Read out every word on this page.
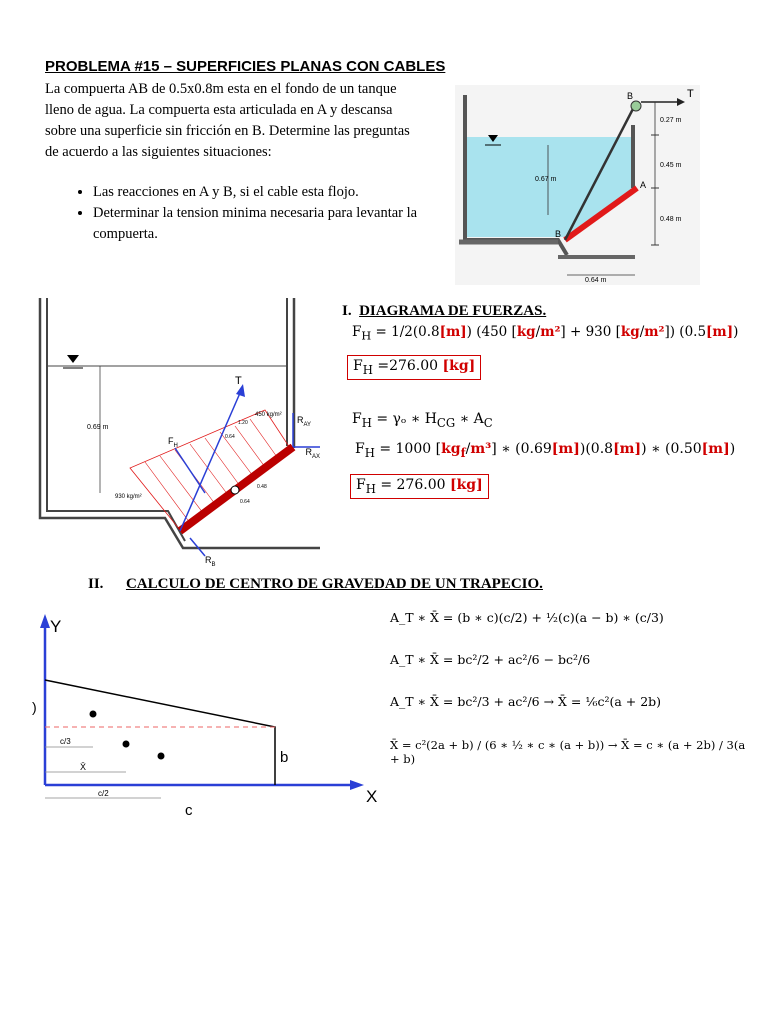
PROBLEMA #15 – SUPERFICIES PLANAS CON CABLES
La compuerta AB de 0.5x0.8m esta en el fondo de un tanque
lleno de agua. La compuerta esta articulada en A y descansa
sobre una superficie sin fricción en B. Determine las preguntas
de acuerdo a las siguientes situaciones:
• Las reacciones en A y B, si el cable esta flojo.
• Determinar la tension minima necesaria para levantar la compuerta.
B	T
A
B
0.27 m
0.45 m
0.48 m
0.67 m
0.64 m
T
$F_H$
$R_{AY}$
$R_{AX}$
$R_B$
0.69 m
450 kg/m²
930 kg/m²
1.20
0.64
0.48
0.64
I. DIAGRAMA DE FUERZAS.
$F_H = 1/2(0.8[m])$ (450 [kg/m²] + 930 [kg/m²]) (0.5[m])
$F_H =276.00$ [kg]
$F_H = \gamma_o$ ∗ $H_{CG}$ ∗ $A_C$
$F_H = 1000$ $[kg_f/m^3]$ ∗ (0.69[m])(0.8[m]) ∗ (0.50[m])
$F_H = 276.00$ [kg]
II. CALCULO DE CENTRO DE GRAVEDAD DE UN TRAPECIO.
Y
X
b
c
)
c/3
X̄
c/2
A_T ∗ X̄ = (b ∗ c)(c/2) + ½(c)(a − b) ∗ (c/3)
A_T ∗ X̄ = bc²/2 + ac²/6 − bc²/6
A_T ∗ X̄ = bc²/3 + ac²/6 → X̄ = ⅙c²(a + 2b)
X̄ = c²(2a + b) / (6 ∗ ½ ∗ c ∗ (a + b)) → X̄ = c ∗ (a + 2b) / 3(a + b)
